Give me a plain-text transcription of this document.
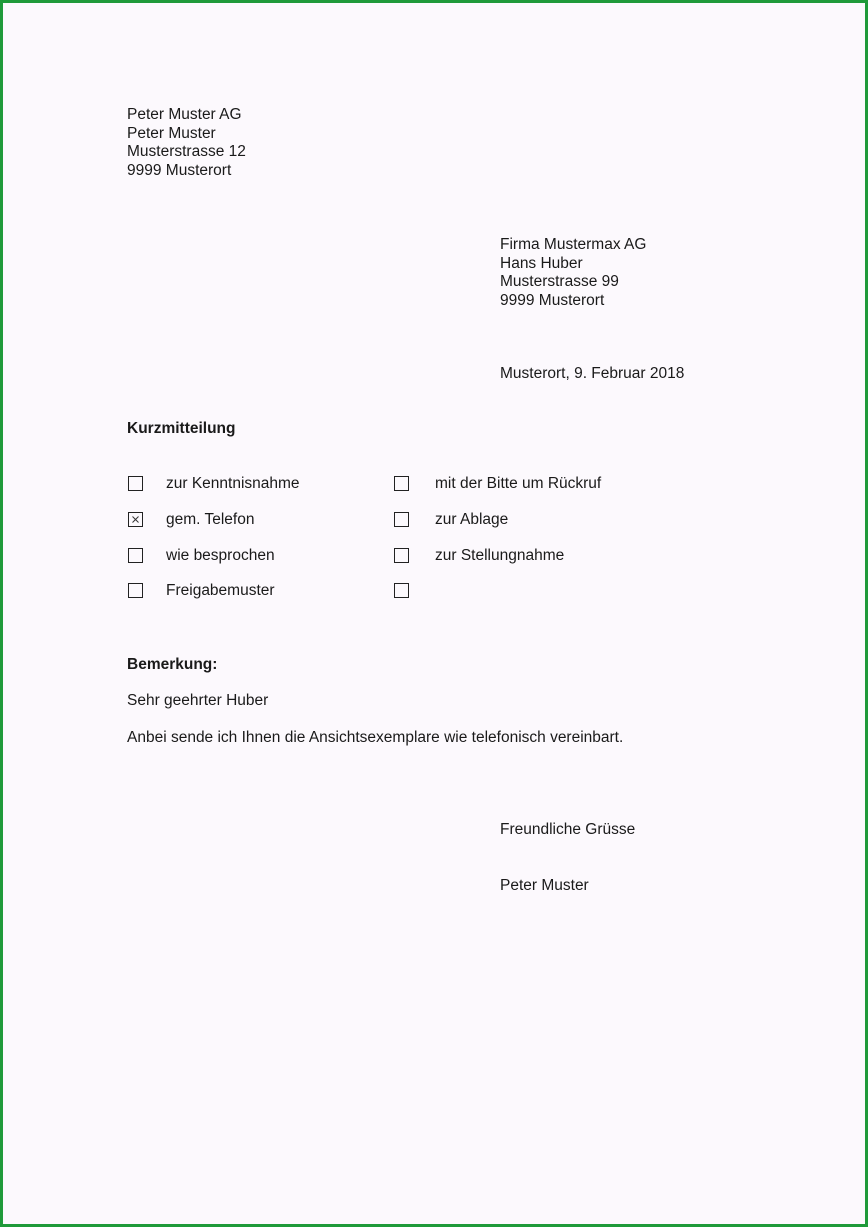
Peter Muster AG
Peter Muster
Musterstrasse 12
9999 Musterort
Firma Mustermax AG
Hans Huber
Musterstrasse 99
9999 Musterort
Musterort, 9. Februar 2018
Kurzmitteilung
zur Kenntnisnahme
gem. Telefon
wie besprochen
Freigabemuster
mit der Bitte um Rückruf
zur Ablage
zur Stellungnahme
Bemerkung:
Sehr geehrter Huber
Anbei sende ich Ihnen die Ansichtsexemplare wie telefonisch vereinbart.
Freundliche Grüsse
Peter Muster
